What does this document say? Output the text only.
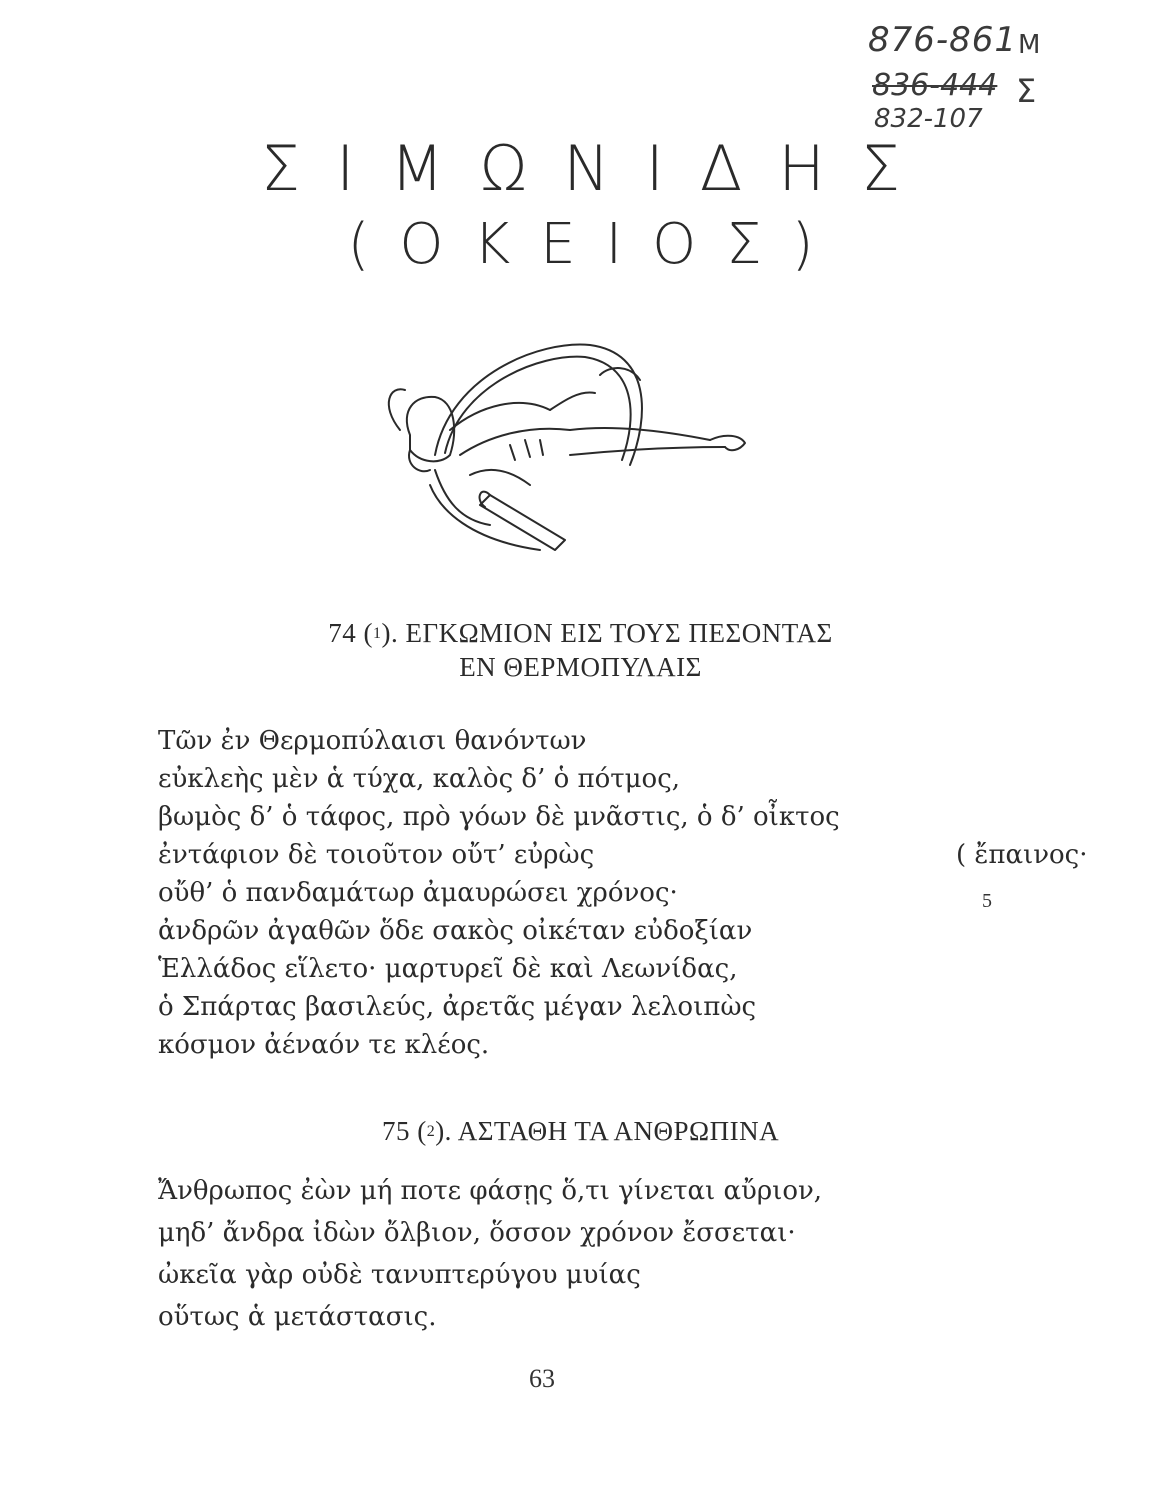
876-861 M
836-444 Σ
832-107
ΣΙΜΩΝΙΔΗΣ
(ΟΚΕΙΟΣ)
74 ($^1$). ΕΓΚΩΜΙΟΝ ΕΙΣ ΤΟΥΣ ΠΕΣΟΝΤΑΣ
ΕΝ ΘΕΡΜΟΠΥΛΑΙΣ
Τῶν ἐν Θερμοπύλαισι θανόντων
εὐκλεὴς μὲν ἁ τύχα, καλὸς δ’ ὁ πότμος,
βωμὸς δ’ ὁ τάφος, πρὸ γόων δὲ μνᾶστις, ὁ δ’ οἶκτος
ἐντάφιον δὲ τοιοῦτον οὔτ’ εὐρὼς	( ἔπαινος·
οὔθ’ ὁ πανδαμάτωρ ἀμαυρώσει χρόνος·
ἀνδρῶν ἀγαθῶν ὅδε σακὸς οἰκέταν εὐδοξίαν
Ἑλλάδος εἵλετο· μαρτυρεῖ δὲ καὶ Λεωνίδας,
ὁ Σπάρτας βασιλεύς, ἀρετᾶς μέγαν λελοιπὼς
κόσμον ἀέναόν τε κλέος.
5
75 ($^2$). ΑΣΤΑΘΗ ΤΑ ΑΝΘΡΩΠΙΝΑ
Ἄνθρωπος ἐὼν μή ποτε φάσῃς ὅ,τι γίνεται αὔριον,
μηδ’ ἄνδρα ἰδὼν ὄλβιον, ὅσσον χρόνον ἔσσεται·
ὠκεῖα γὰρ οὐδὲ τανυπτερύγου μυίας
οὕτως ἁ μετάστασις.
63
